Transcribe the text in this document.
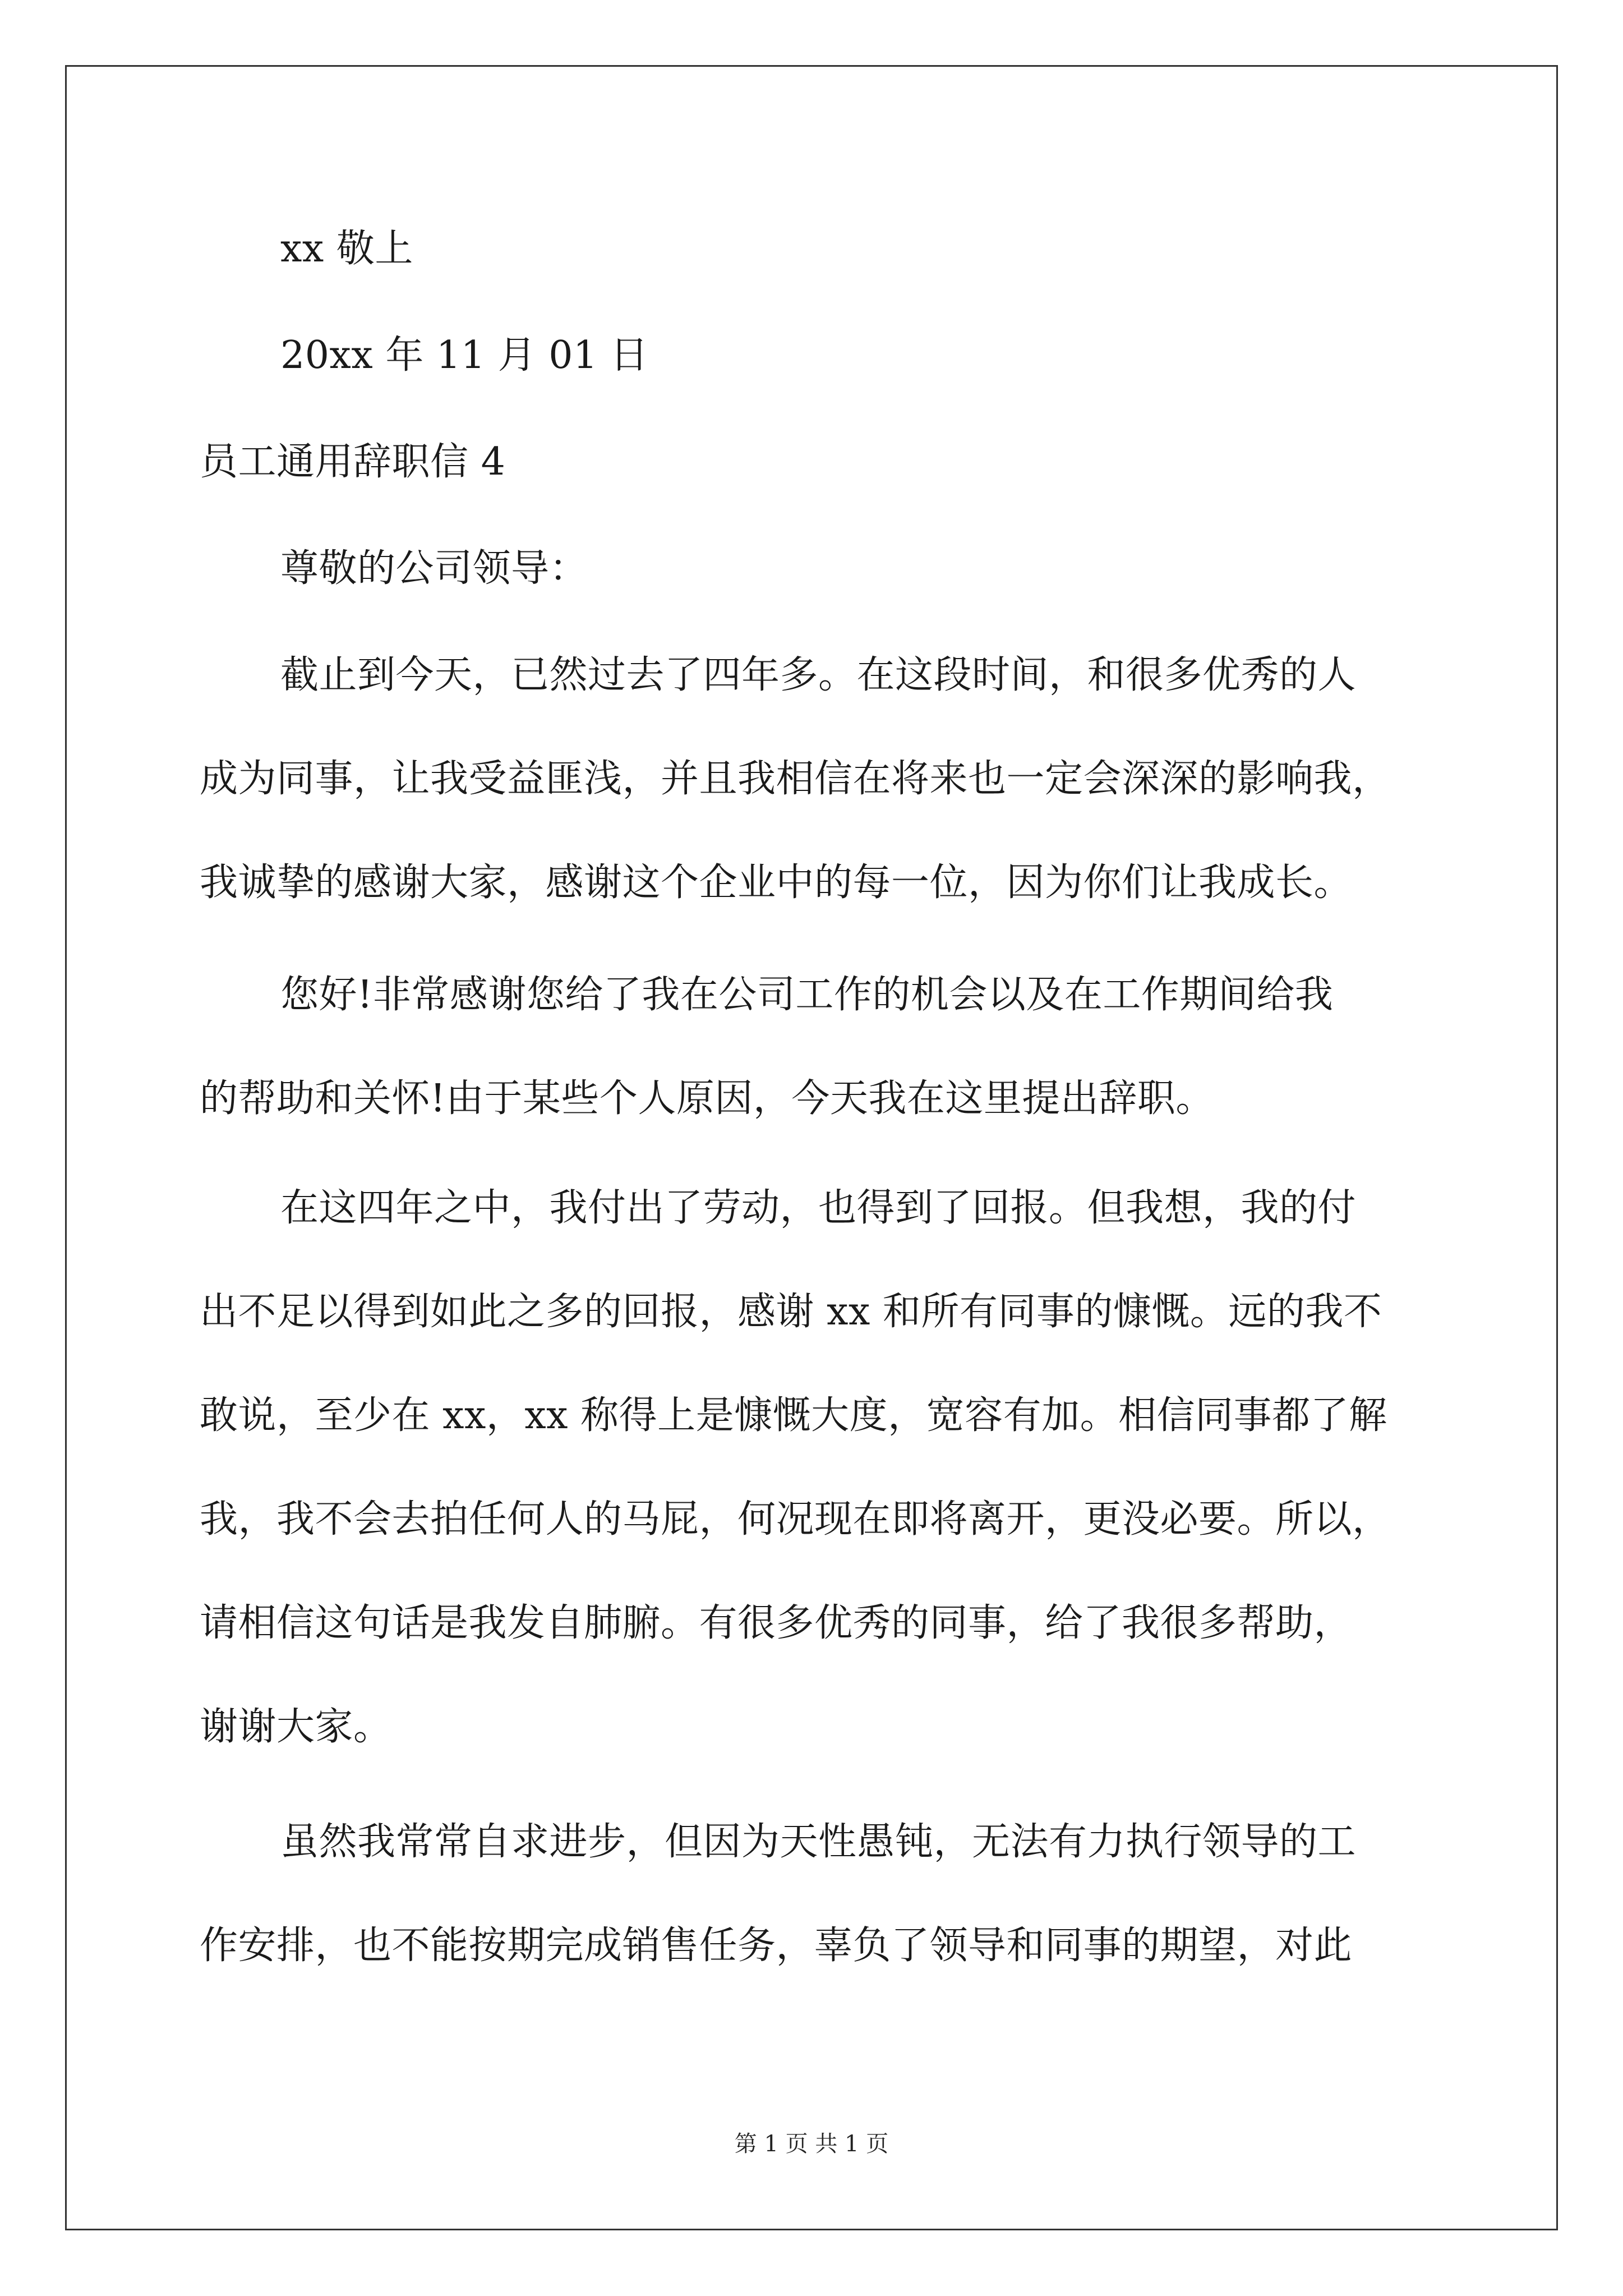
xx 敬上
20xx 年 11 月 01 日
员工通用辞职信 4
尊敬的公司领导：
截止到今天，已然过去了四年多。在这段时间，和很多优秀的人
成为同事，让我受益匪浅，并且我相信在将来也一定会深深的影响我，
我诚挚的感谢大家，感谢这个企业中的每一位，因为你们让我成长。
您好!非常感谢您给了我在公司工作的机会以及在工作期间给我
的帮助和关怀!由于某些个人原因，今天我在这里提出辞职。
在这四年之中，我付出了劳动，也得到了回报。但我想，我的付
出不足以得到如此之多的回报，感谢 xx 和所有同事的慷慨。远的我不
敢说，至少在 xx，xx 称得上是慷慨大度，宽容有加。相信同事都了解
我，我不会去拍任何人的马屁，何况现在即将离开，更没必要。所以，
请相信这句话是我发自肺腑。有很多优秀的同事，给了我很多帮助，
谢谢大家。
虽然我常常自求进步，但因为天性愚钝，无法有力执行领导的工
作安排，也不能按期完成销售任务，辜负了领导和同事的期望，对此
第 1 页 共 1 页
